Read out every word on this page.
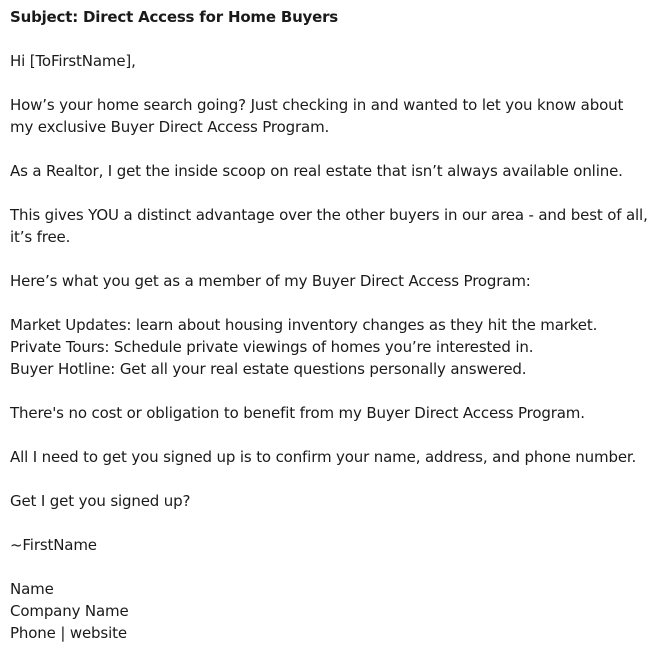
Subject: Direct Access for Home Buyers
Hi [ToFirstName],
How’s your home search going? Just checking in and wanted to let you know about
my exclusive Buyer Direct Access Program.
As a Realtor, I get the inside scoop on real estate that isn’t always available online.
This gives YOU a distinct advantage over the other buyers in our area - and best of all,
it’s free.
Here’s what you get as a member of my Buyer Direct Access Program:
Market Updates: learn about housing inventory changes as they hit the market.
Private Tours: Schedule private viewings of homes you’re interested in.
Buyer Hotline: Get all your real estate questions personally answered.
There's no cost or obligation to benefit from my Buyer Direct Access Program.
All I need to get you signed up is to confirm your name, address, and phone number.
Get I get you signed up?
~FirstName
Name
Company Name
Phone | website
